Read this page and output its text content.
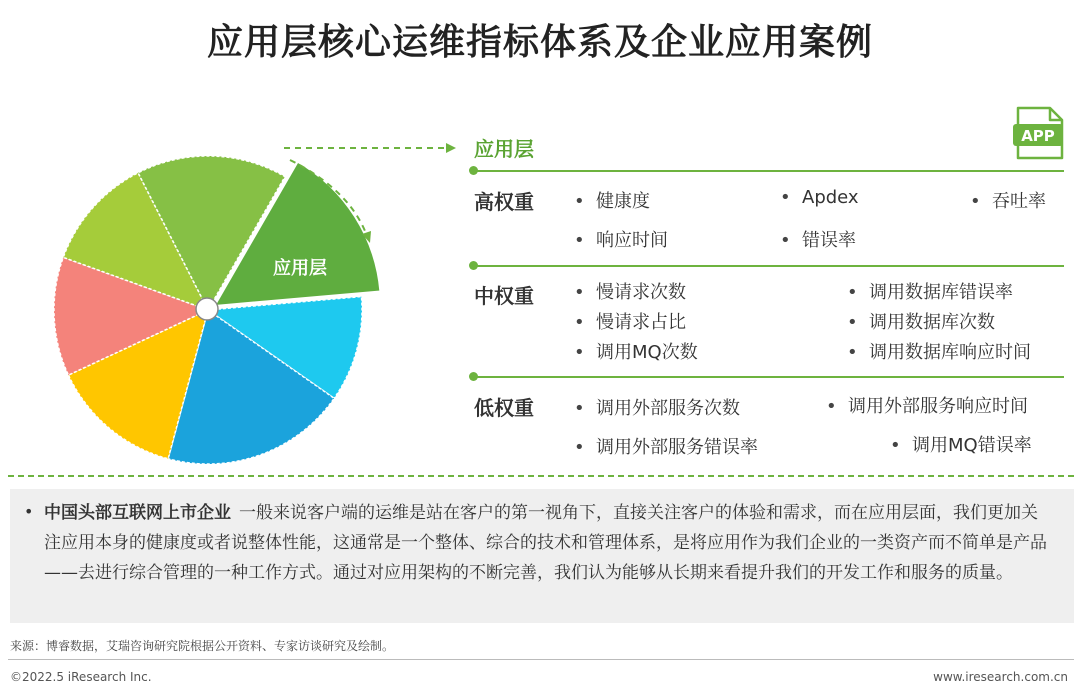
应用层核心运维指标体系及企业应用案例
应用层
APP
应用层
高权重 • 健康度	• Apdex	• 吞吐率
• 响应时间	• 错误率
中权重 • 慢请求次数	• 调用数据库错误率
• 慢请求占比	• 调用数据库次数
• 调用MQ次数	• 调用数据库响应时间
低权重 • 调用外部服务次数	• 调用外部服务响应时间
• 调用外部服务错误率	• 调用MQ错误率
• 中国头部互联网上市企业 一般来说客户端的运维是站在客户的第一视角下，直接关注客户的体验和需求，而在应用层面，我们更加关注应用本身的健康度或者说整体性能，这通常是一个整体、综合的技术和管理体系，是将应用作为我们企业的一类资产而不简单是产品——去进行综合管理的一种工作方式。通过对应用架构的不断完善，我们认为能够从长期来看提升我们的开发工作和服务的质量。

来源：博睿数据，艾瑞咨询研究院根据公开资料、专家访谈研究及绘制。
©2022.5 iResearch Inc.	www.iresearch.com.cn
